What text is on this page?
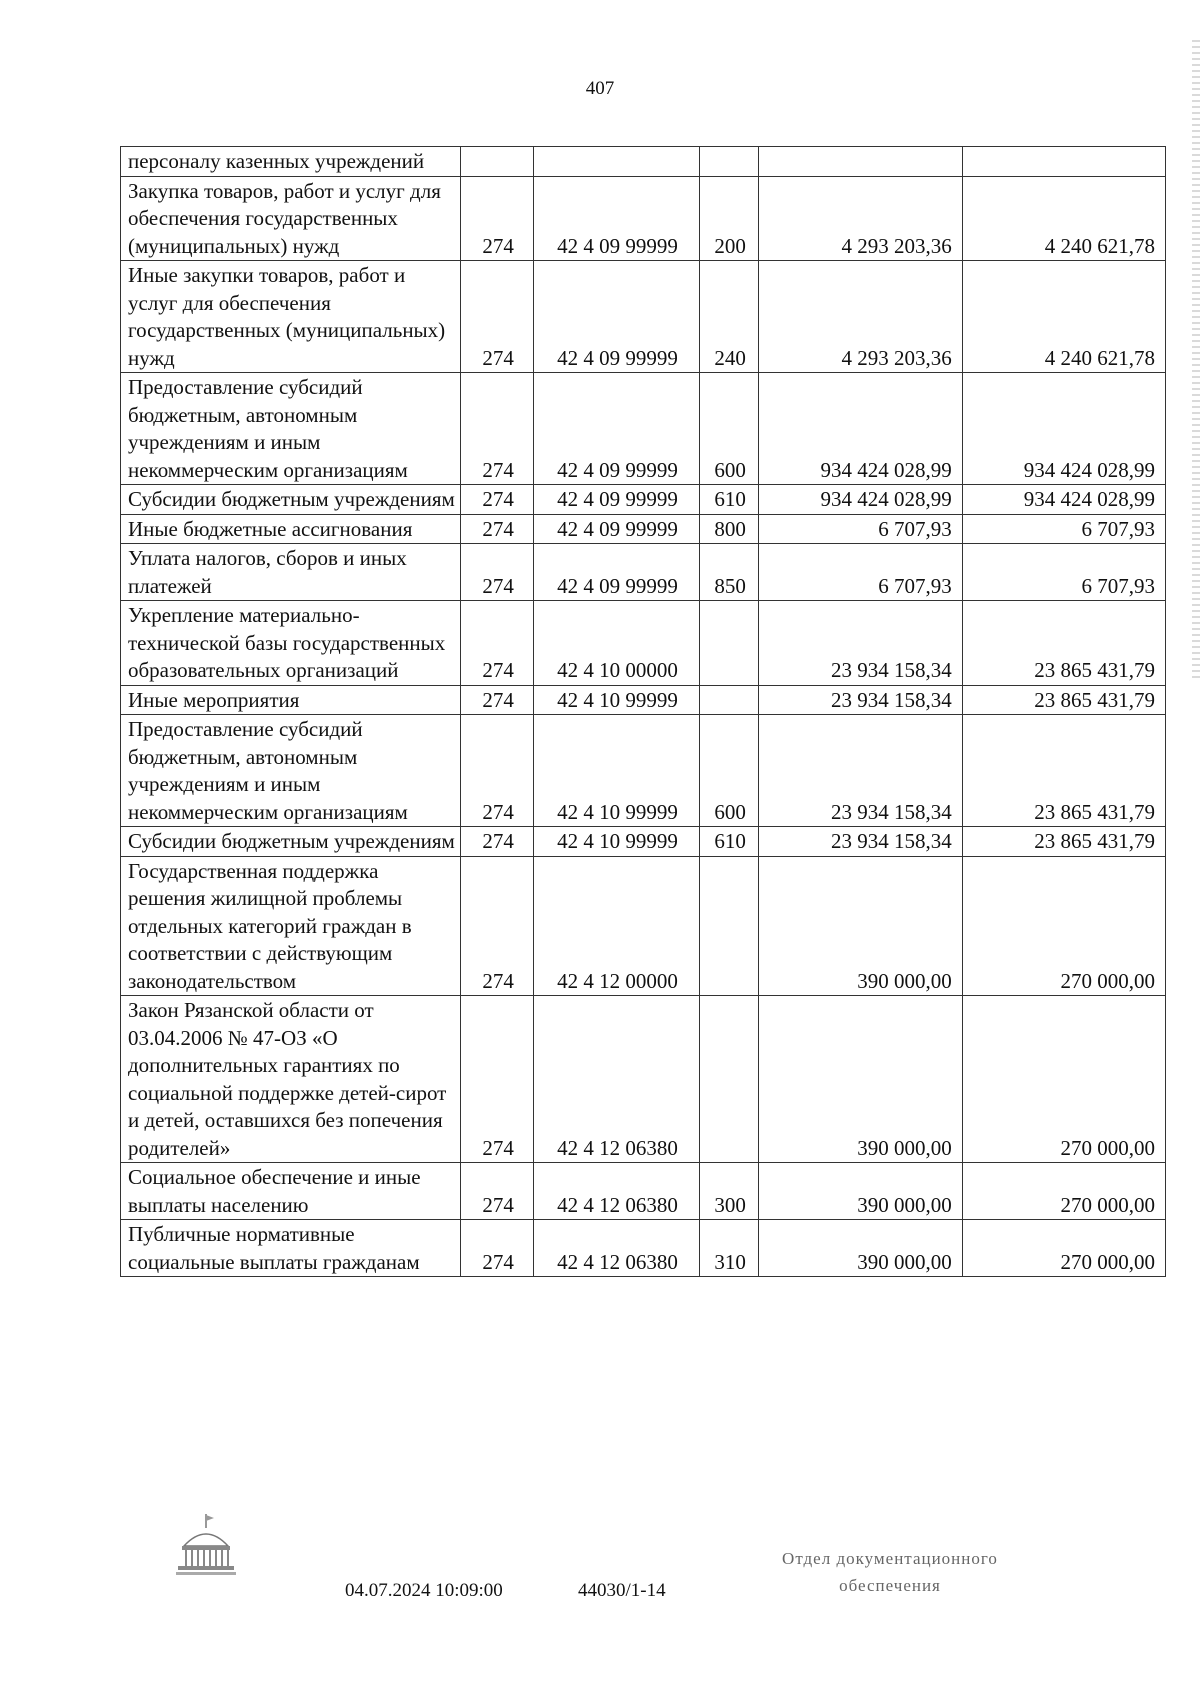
407
персоналу казенных учреждений					
Закупка товаров, работ и услуг для обеспечения государственных (муниципальных) нужд	274	42 4 09 99999	200	4 293 203,36	4 240 621,78
Иные закупки товаров, работ и услуг для обеспечения государственных (муниципальных) нужд	274	42 4 09 99999	240	4 293 203,36	4 240 621,78
Предоставление субсидий бюджетным, автономным учреждениям и иным некоммерческим организациям	274	42 4 09 99999	600	934 424 028,99	934 424 028,99
Субсидии бюджетным учреждениям	274	42 4 09 99999	610	934 424 028,99	934 424 028,99
Иные бюджетные ассигнования	274	42 4 09 99999	800	6 707,93	6 707,93
Уплата налогов, сборов и иных платежей	274	42 4 09 99999	850	6 707,93	6 707,93
Укрепление материально-технической базы государственных образовательных организаций	274	42 4 10 00000		23 934 158,34	23 865 431,79
Иные мероприятия	274	42 4 10 99999		23 934 158,34	23 865 431,79
Предоставление субсидий бюджетным, автономным учреждениям и иным некоммерческим организациям	274	42 4 10 99999	600	23 934 158,34	23 865 431,79
Субсидии бюджетным учреждениям	274	42 4 10 99999	610	23 934 158,34	23 865 431,79
Государственная поддержка решения жилищной проблемы отдельных категорий граждан в соответствии с действующим законодательством	274	42 4 12 00000		390 000,00	270 000,00
Закон Рязанской области от 03.04.2006 № 47-ОЗ «О дополнительных гарантиях по социальной поддержке детей-сирот и детей, оставшихся без попечения родителей»	274	42 4 12 06380		390 000,00	270 000,00
Социальное обеспечение и иные выплаты населению	274	42 4 12 06380	300	390 000,00	270 000,00
Публичные нормативные социальные выплаты гражданам	274	42 4 12 06380	310	390 000,00	270 000,00
04.07.2024 10:09:00	44030/1-14
Отдел документационного
обеспечения
